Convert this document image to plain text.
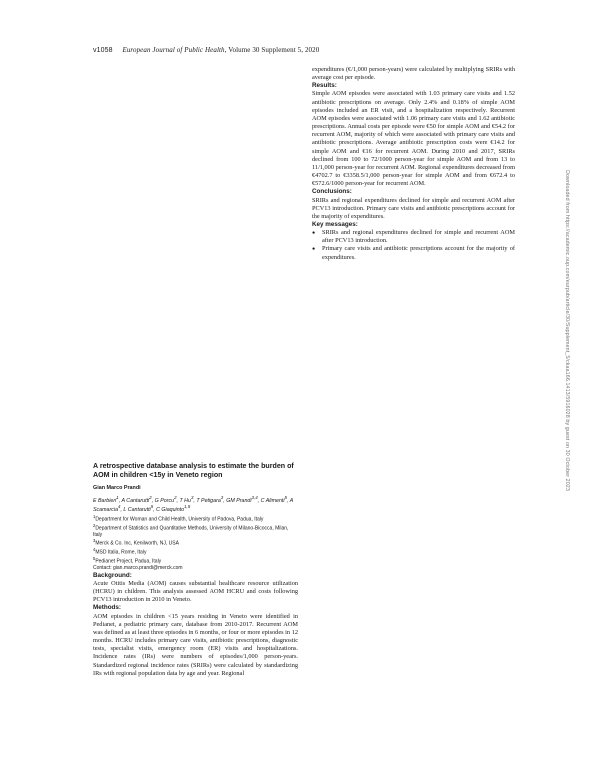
v1058 European Journal of Public Health, Volume 30 Supplement 5, 2020

A retrospective database analysis to estimate the burden of AOM in children <15y in Veneto region

Gian Marco Prandi

E Barbieri$^1$, A Cantarutti$^2$, G Porcu$^2$, T Hu$^3$, T Petigara$^3$, GM Prandi$^{3,4}$, C Alimenti$^5$, A Scamarcia$^4$, L Cantarutti$^5$, C Giaquinto$^{1,5}$

$^1$Department for Woman and Child Health, University of Padova, Padua, Italy

$^2$Department of Statistics and Quantitative Methods, University of Milano-Bicocca, Milan, Italy

$^3$Merck & Co. Inc, Kenilworth, NJ, USA

$^4$MSD Italia, Rome, Italy

$^5$Pedianet Project, Padua, Italy

Contact: gian.marco.prandi@merck.com

Background:

Acute Otitis Media (AOM) causes substantial healthcare resource utilization (HCRU) in children. This analysis assessed AOM HCRU and costs following PCV13 introduction in 2010 in Veneto.

Methods:

AOM episodes in children <15 years residing in Veneto were identified in Pedianet, a pediatric primary care, database from 2010-2017. Recurrent AOM was defined as at least three episodes in 6 months, or four or more episodes in 12 months. HCRU includes primary care visits, antibiotic prescriptions, diagnostic tests, specialist visits, emergency room (ER) visits and hospitalizations. Incidence rates (IRs) were numbers of episodes/1,000 person-years. Standardized regional incidence rates (SRIRs) were calculated by standardizing IRs with regional population data by age and year. Regional

expenditures (€/1,000 person-years) were calculated by multiplying SRIRs with average cost per episode.

Results:

Simple AOM episodes were associated with 1.03 primary care visits and 1.52 antibiotic prescriptions on average. Only 2.4% and 0.18% of simple AOM episodes included an ER visit, and a hospitalization respectively. Recurrent AOM episodes were associated with 1.06 primary care visits and 1.62 antibiotic prescriptions. Annual costs per episode were €50 for simple AOM and €54.2 for recurrent AOM, majority of which were associated with primary care visits and antibiotic prescriptions. Average antibiotic prescription costs were €14.2 for simple AOM and €16 for recurrent AOM. During 2010 and 2017, SRIRs declined from 100 to 72/1000 person-year for simple AOM and from 13 to 11/1,000 person-year for recurrent AOM. Regional expenditures decreased from €4702.7 to €3358.5/1,000 person-year for simple AOM and from €672.4 to €572.6/1000 person-year for recurrent AOM.

Conclusions:

SRIRs and regional expenditures declined for simple and recurrent AOM after PCV13 introduction. Primary care visits and antibiotic prescriptions account for the majority of expenditures.

Key messages:

● SRIRs and regional expenditures declined for simple and recurrent AOM after PCV13 introduction.
● Primary care visits and antibiotic prescriptions account for the majority of expenditures.	Downloaded from https://academic.oup.com/eurpub/article/30/Supplement_5/ckaa166.1413/5916028 by guest on 30 October 2023
